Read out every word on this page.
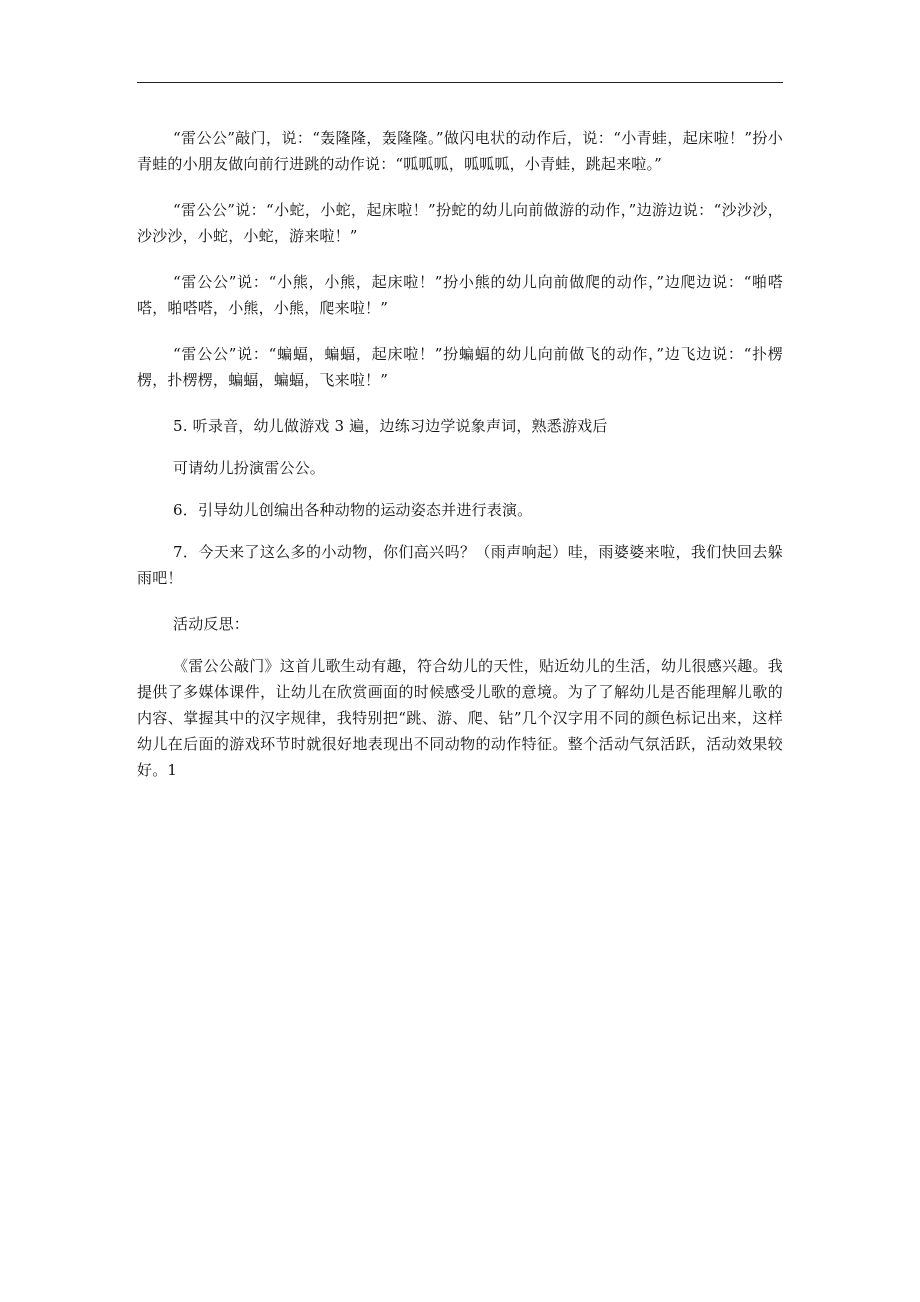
“雷公公”敲门，说：“轰隆隆，轰隆隆。”做闪电状的动作后，说：“小青蛙，起床啦！”扮小青蛙的小朋友做向前行进跳的动作说：“呱呱呱，呱呱呱，小青蛙，跳起来啦。”

“雷公公”说：“小蛇，小蛇，起床啦！”扮蛇的幼儿向前做游的动作，”边游边说：“沙沙沙，沙沙沙，小蛇，小蛇，游来啦！”

“雷公公”说：“小熊，小熊，起床啦！”扮小熊的幼儿向前做爬的动作，”边爬边说：“啪嗒嗒，啪嗒嗒，小熊，小熊，爬来啦！”

“雷公公”说：“蝙蝠，蝙蝠，起床啦！”扮蝙蝠的幼儿向前做飞的动作，”边飞边说：“扑楞楞，扑楞楞，蝙蝠，蝙蝠，飞来啦！”

5. 听录音，幼儿做游戏 3 遍，边练习边学说象声词，熟悉游戏后

可请幼儿扮演雷公公。

6．引导幼儿创编出各种动物的运动姿态并进行表演。

7．今天来了这么多的小动物，你们高兴吗？（雨声响起）哇，雨婆婆来啦，我们快回去躲雨吧！

活动反思：

《雷公公敲门》这首儿歌生动有趣，符合幼儿的天性，贴近幼儿的生活，幼儿很感兴趣。我提供了多媒体课件，让幼儿在欣赏画面的时候感受儿歌的意境。为了了解幼儿是否能理解儿歌的内容、掌握其中的汉字规律，我特别把“跳、游、爬、钻”几个汉字用不同的颜色标记出来，这样幼儿在后面的游戏环节时就很好地表现出不同动物的动作特征。整个活动气氛活跃，活动效果较好。1
